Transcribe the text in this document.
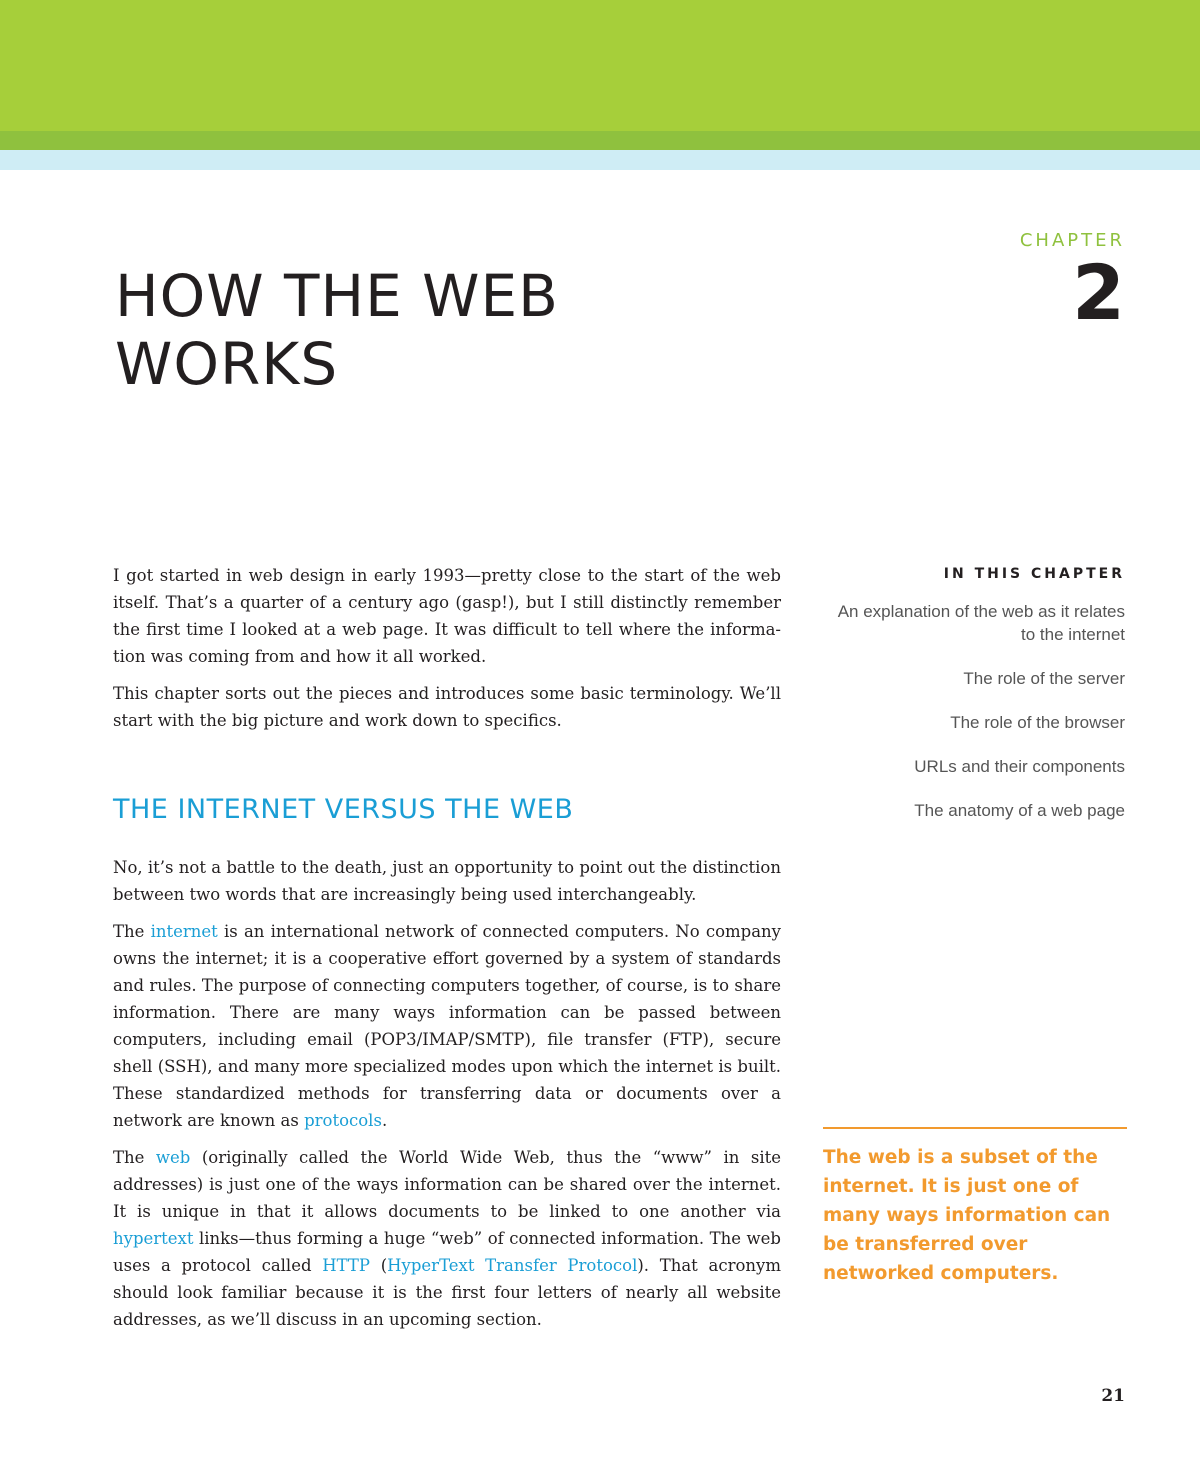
CHAPTER
2
HOW THE WEB
WORKS

I got started in web design in early 1993—pretty close to the start of the web itself. That’s a quarter of a century ago (gasp!), but I still distinctly remember the first time I looked at a web page. It was difficult to tell where the information was coming from and how it all worked.

This chapter sorts out the pieces and introduces some basic terminology. We’ll start with the big picture and work down to specifics.

THE INTERNET VERSUS THE WEB

No, it’s not a battle to the death, just an opportunity to point out the distinction between two words that are increasingly being used interchangeably.

The internet is an international network of connected computers. No company owns the internet; it is a cooperative effort governed by a system of standards and rules. The purpose of connecting computers together, of course, is to share information. There are many ways information can be passed between computers, including email (POP3/IMAP/SMTP), file transfer (FTP), secure shell (SSH), and many more specialized modes upon which the internet is built. These standardized methods for transferring data or documents over a network are known as protocols.

The web (originally called the World Wide Web, thus the “www” in site addresses) is just one of the ways information can be shared over the internet. It is unique in that it allows documents to be linked to one another via hypertext links—thus forming a huge “web” of connected information. The web uses a protocol called HTTP (HyperText Transfer Protocol). That acronym should look familiar because it is the first four letters of nearly all website addresses, as we’ll discuss in an upcoming section.

IN THIS CHAPTER
An explanation of the web as it relates to the internet
The role of the server
The role of the browser
URLs and their components
The anatomy of a web page

The web is a subset of the internet. It is just one of many ways information can be transferred over networked computers.

21
